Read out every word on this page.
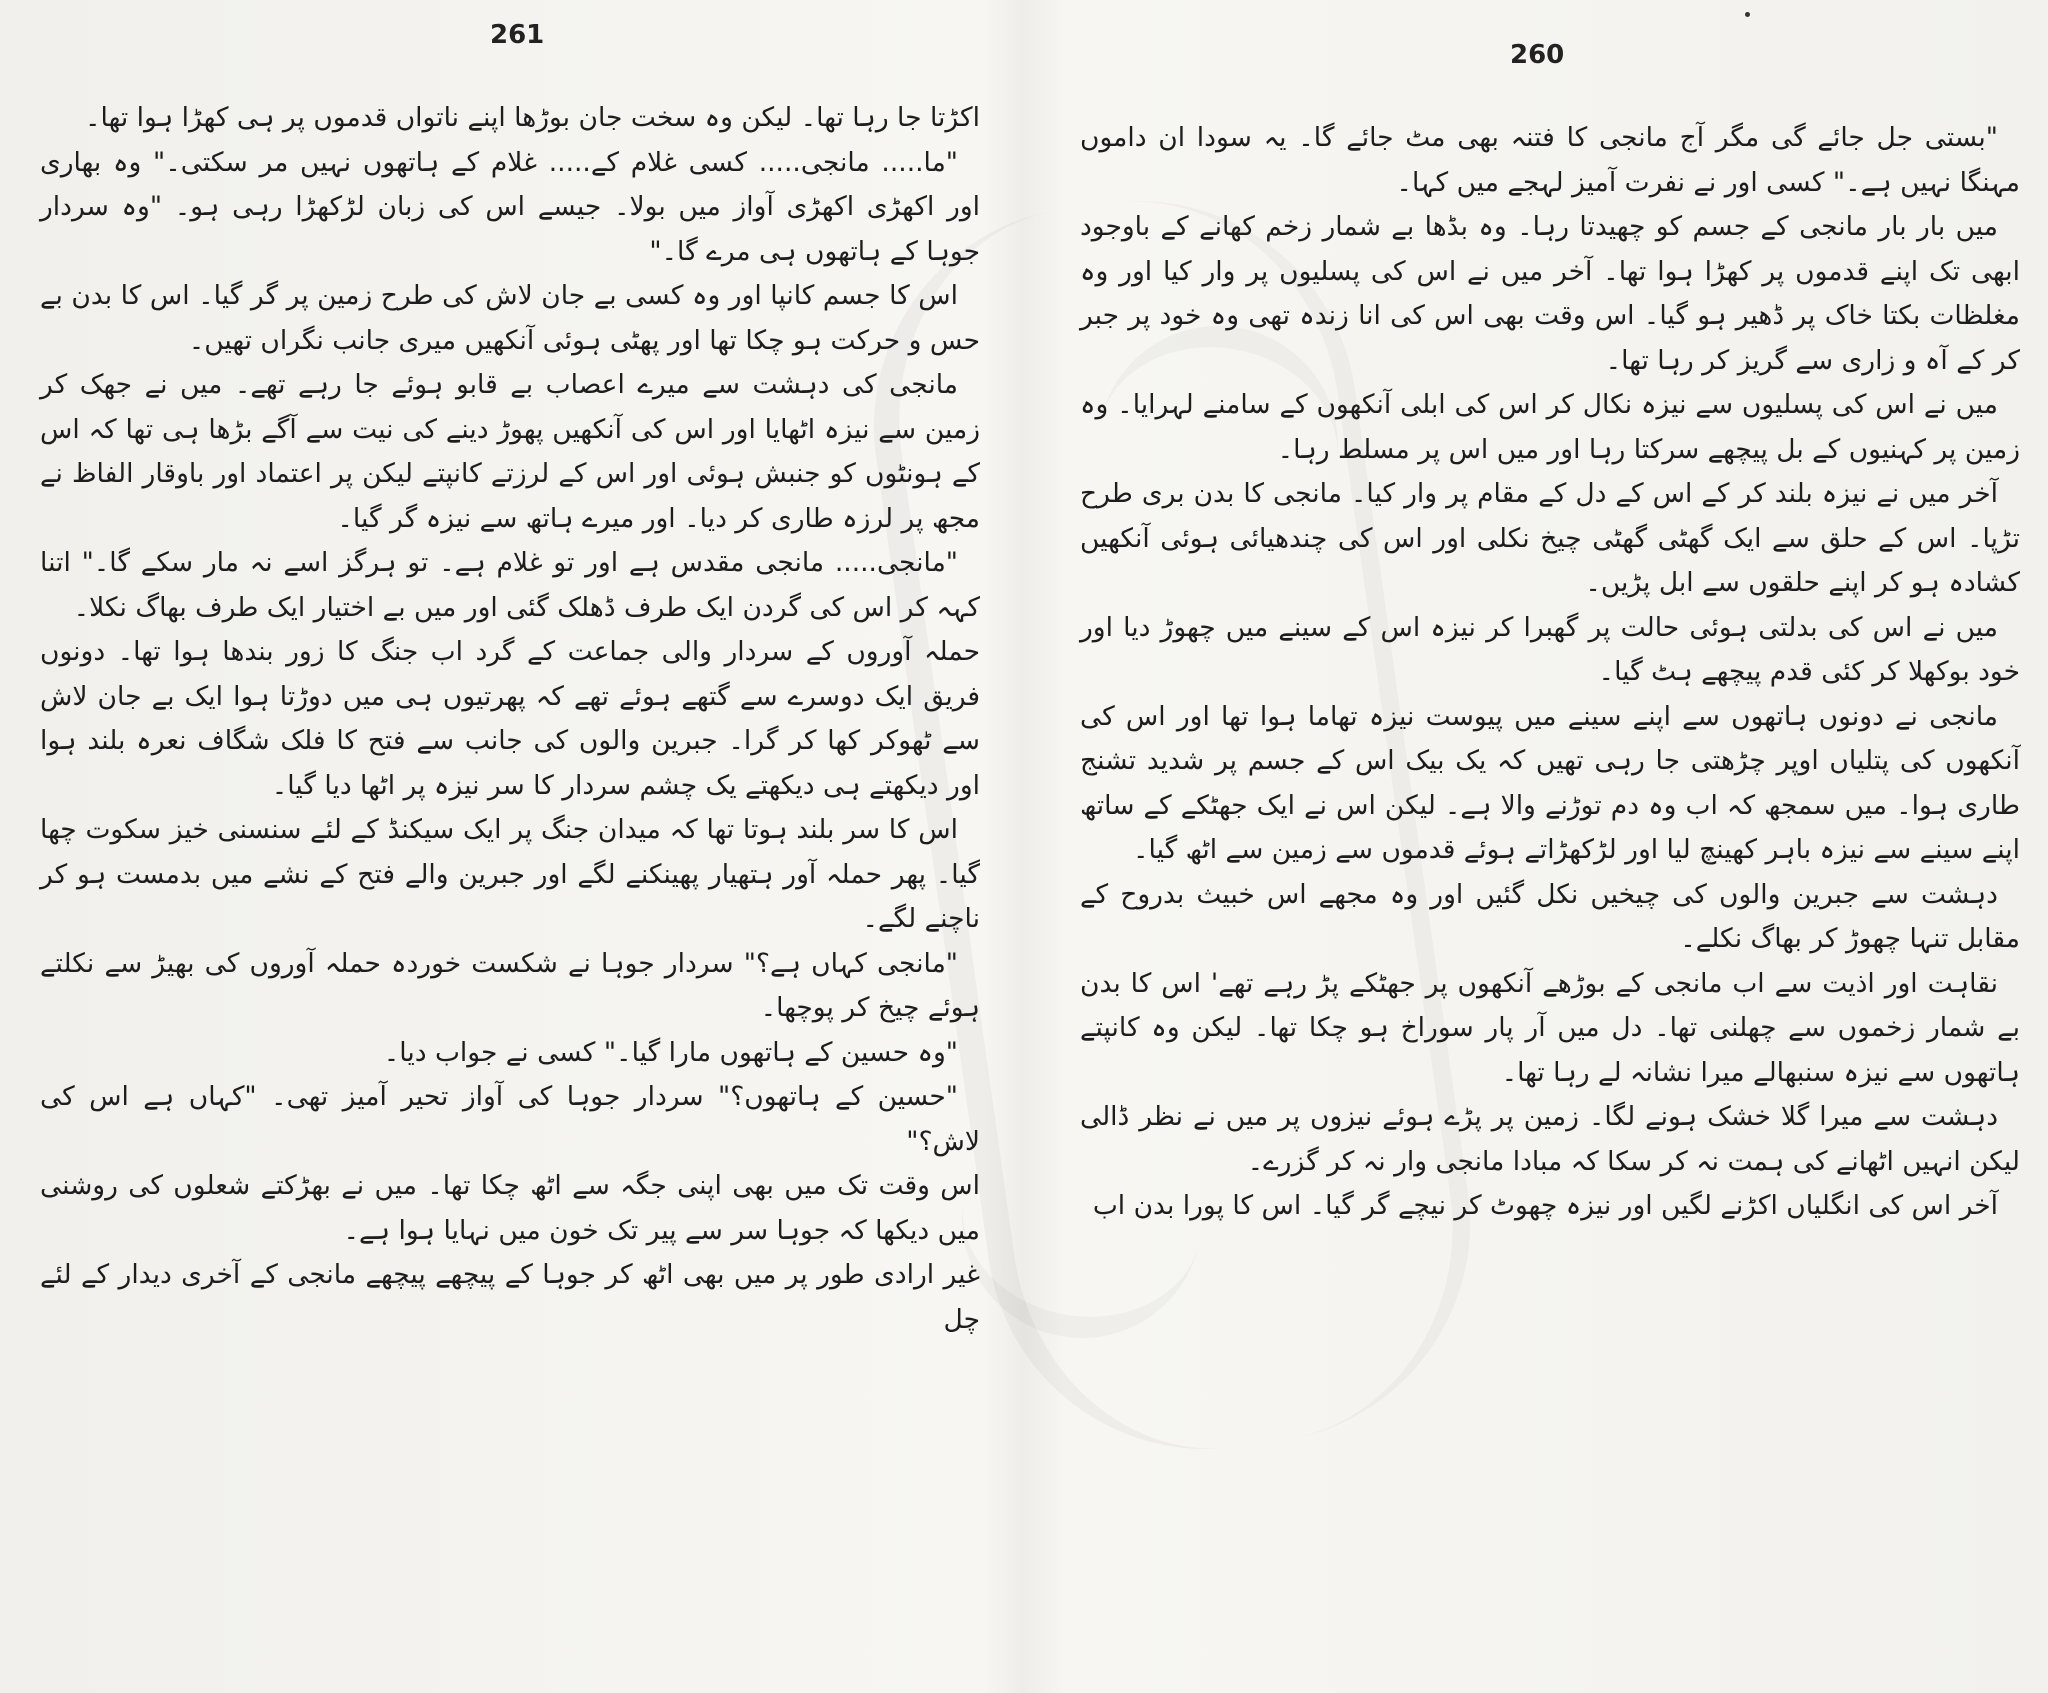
261

اکڑتا جا رہا تھا۔ لیکن وہ سخت جان بوڑھا اپنے ناتواں قدموں پر ہی کھڑا ہوا تھا۔

"ما..... مانجی..... کسی غلام کے..... غلام کے ہاتھوں نہیں مر سکتی۔" وہ بھاری اور اکھڑی اکھڑی آواز میں بولا۔ جیسے اس کی زبان لڑکھڑا رہی ہو۔ "وہ سردار جوہا کے ہاتھوں ہی مرے گا۔"

اس کا جسم کانپا اور وہ کسی بے جان لاش کی طرح زمین پر گر گیا۔ اس کا بدن بے حس و حرکت ہو چکا تھا اور پھٹی ہوئی آنکھیں میری جانب نگراں تھیں۔

مانجی کی دہشت سے میرے اعصاب بے قابو ہوئے جا رہے تھے۔ میں نے جھک کر زمین سے نیزہ اٹھایا اور اس کی آنکھیں پھوڑ دینے کی نیت سے آگے بڑھا ہی تھا کہ اس کے ہونٹوں کو جنبش ہوئی اور اس کے لرزتے کانپتے لیکن پر اعتماد اور باوقار الفاظ نے مجھ پر لرزہ طاری کر دیا۔ اور میرے ہاتھ سے نیزہ گر گیا۔

"مانجی..... مانجی مقدس ہے اور تو غلام ہے۔ تو ہرگز اسے نہ مار سکے گا۔" اتنا کہہ کر اس کی گردن ایک طرف ڈھلک گئی اور میں بے اختیار ایک طرف بھاگ نکلا۔

حملہ آوروں کے سردار والی جماعت کے گرد اب جنگ کا زور بندھا ہوا تھا۔ دونوں فریق ایک دوسرے سے گتھے ہوئے تھے کہ پھرتیوں ہی میں دوڑتا ہوا ایک بے جان لاش سے ٹھوکر کھا کر گرا۔ جبرین والوں کی جانب سے فتح کا فلک شگاف نعرہ بلند ہوا اور دیکھتے ہی دیکھتے یک چشم سردار کا سر نیزہ پر اٹھا دیا گیا۔

اس کا سر بلند ہوتا تھا کہ میدان جنگ پر ایک سیکنڈ کے لئے سنسنی خیز سکوت چھا گیا۔ پھر حملہ آور ہتھیار پھینکنے لگے اور جبرین والے فتح کے نشے میں بدمست ہو کر ناچنے لگے۔

"مانجی کہاں ہے؟" سردار جوہا نے شکست خوردہ حملہ آوروں کی بھیڑ سے نکلتے ہوئے چیخ کر پوچھا۔

"وہ حسین کے ہاتھوں مارا گیا۔" کسی نے جواب دیا۔

"حسین کے ہاتھوں؟" سردار جوہا کی آواز تحیر آمیز تھی۔ "کہاں ہے اس کی لاش؟"

اس وقت تک میں بھی اپنی جگہ سے اٹھ چکا تھا۔ میں نے بھڑکتے شعلوں کی روشنی میں دیکھا کہ جوہا سر سے پیر تک خون میں نہایا ہوا ہے۔

غیر ارادی طور پر میں بھی اٹھ کر جوہا کے پیچھے پیچھے مانجی کے آخری دیدار کے لئے چل

260

"بستی جل جائے گی مگر آج مانجی کا فتنہ بھی مٹ جائے گا۔ یہ سودا ان داموں مہنگا نہیں ہے۔" کسی اور نے نفرت آمیز لہجے میں کہا۔

میں بار بار مانجی کے جسم کو چھیدتا رہا۔ وہ بڈھا بے شمار زخم کھانے کے باوجود ابھی تک اپنے قدموں پر کھڑا ہوا تھا۔ آخر میں نے اس کی پسلیوں پر وار کیا اور وہ مغلظات بکتا خاک پر ڈھیر ہو گیا۔ اس وقت بھی اس کی انا زندہ تھی وہ خود پر جبر کر کے آہ و زاری سے گریز کر رہا تھا۔

میں نے اس کی پسلیوں سے نیزہ نکال کر اس کی ابلی آنکھوں کے سامنے لہرایا۔ وہ زمین پر کہنیوں کے بل پیچھے سرکتا رہا اور میں اس پر مسلط رہا۔

آخر میں نے نیزہ بلند کر کے اس کے دل کے مقام پر وار کیا۔ مانجی کا بدن بری طرح تڑپا۔ اس کے حلق سے ایک گھٹی گھٹی چیخ نکلی اور اس کی چندھیائی ہوئی آنکھیں کشادہ ہو کر اپنے حلقوں سے ابل پڑیں۔

میں نے اس کی بدلتی ہوئی حالت پر گھبرا کر نیزہ اس کے سینے میں چھوڑ دیا اور خود بوکھلا کر کئی قدم پیچھے ہٹ گیا۔

مانجی نے دونوں ہاتھوں سے اپنے سینے میں پیوست نیزہ تھاما ہوا تھا اور اس کی آنکھوں کی پتلیاں اوپر چڑھتی جا رہی تھیں کہ یک بیک اس کے جسم پر شدید تشنج طاری ہوا۔ میں سمجھ کہ اب وہ دم توڑنے والا ہے۔ لیکن اس نے ایک جھٹکے کے ساتھ اپنے سینے سے نیزہ باہر کھینچ لیا اور لڑکھڑاتے ہوئے قدموں سے زمین سے اٹھ گیا۔

دہشت سے جبرین والوں کی چیخیں نکل گئیں اور وہ مجھے اس خبیث بدروح کے مقابل تنہا چھوڑ کر بھاگ نکلے۔

نقاہت اور اذیت سے اب مانجی کے بوڑھے آنکھوں پر جھٹکے پڑ رہے تھے' اس کا بدن بے شمار زخموں سے چھلنی تھا۔ دل میں آر پار سوراخ ہو چکا تھا۔ لیکن وہ کانپتے ہاتھوں سے نیزہ سنبھالے میرا نشانہ لے رہا تھا۔

دہشت سے میرا گلا خشک ہونے لگا۔ زمین پر پڑے ہوئے نیزوں پر میں نے نظر ڈالی لیکن انہیں اٹھانے کی ہمت نہ کر سکا کہ مبادا مانجی وار نہ کر گزرے۔

آخر اس کی انگلیاں اکڑنے لگیں اور نیزہ چھوٹ کر نیچے گر گیا۔ اس کا پورا بدن اب
